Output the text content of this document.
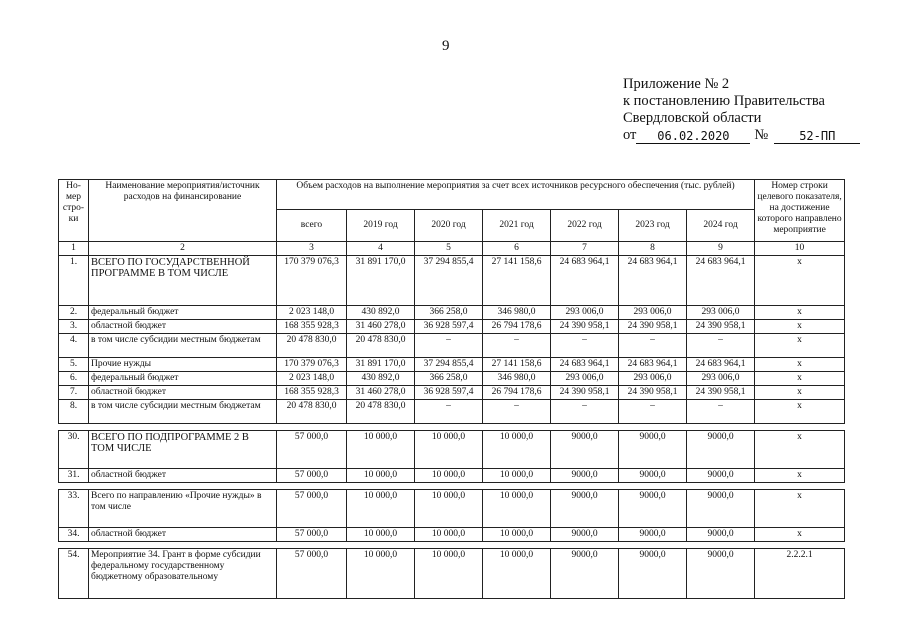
9
Приложение № 2
к постановлению Правительства
Свердловской области
от	06.02.2020	№	52-ПП
Но-мер стро-ки	Наименование мероприятия/источник расходов на финансирование	Объем расходов на выполнение мероприятия за счет всех источников ресурсного обеспечения (тыс. рублей)							Номер строки целевого показателя, на достижение которого направлено мероприятие
		всего	2019 год	2020 год	2021 год	2022 год	2023 год	2024 год	
1	2	3	4	5	6	7	8	9	10
1.	ВСЕГО ПО ГОСУДАРСТВЕННОЙ ПРОГРАММЕ В ТОМ ЧИСЛЕ	170 379 076,3	31 891 170,0	37 294 855,4	27 141 158,6	24 683 964,1	24 683 964,1	24 683 964,1	x
2.	федеральный бюджет	2 023 148,0	430 892,0	366 258,0	346 980,0	293 006,0	293 006,0	293 006,0	x
3.	областной бюджет	168 355 928,3	31 460 278,0	36 928 597,4	26 794 178,6	24 390 958,1	24 390 958,1	24 390 958,1	x
4.	в том числе субсидии местным бюджетам	20 478 830,0	20 478 830,0	–	–	–	–	–	x
5.	Прочие нужды	170 379 076,3	31 891 170,0	37 294 855,4	27 141 158,6	24 683 964,1	24 683 964,1	24 683 964,1	x
6.	федеральный бюджет	2 023 148,0	430 892,0	366 258,0	346 980,0	293 006,0	293 006,0	293 006,0	x
7.	областной бюджет	168 355 928,3	31 460 278,0	36 928 597,4	26 794 178,6	24 390 958,1	24 390 958,1	24 390 958,1	x
8.	в том числе субсидии местным бюджетам	20 478 830,0	20 478 830,0	–	–	–	–	–	x

30.	ВСЕГО ПО ПОДПРОГРАММЕ 2 В ТОМ ЧИСЛЕ	57 000,0	10 000,0	10 000,0	10 000,0	9000,0	9000,0	9000,0	x
31.	областной бюджет	57 000,0	10 000,0	10 000,0	10 000,0	9000,0	9000,0	9000,0	x

33.	Всего по направлению «Прочие нужды» в том числе	57 000,0	10 000,0	10 000,0	10 000,0	9000,0	9000,0	9000,0	x
34.	областной бюджет	57 000,0	10 000,0	10 000,0	10 000,0	9000,0	9000,0	9000,0	x

54.	Мероприятие 34. Грант в форме субсидии федеральному государственному бюджетному образовательному	57 000,0	10 000,0	10 000,0	10 000,0	9000,0	9000,0	9000,0	2.2.2.1
